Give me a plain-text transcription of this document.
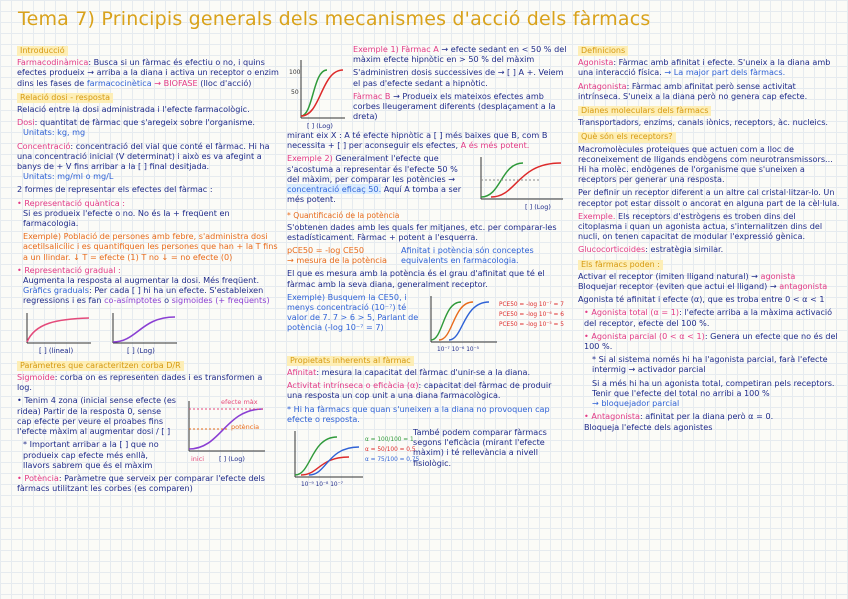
Tema 7) Principis generals dels mecanismes d'acció dels fàrmacs
Introducció

Farmacodinàmica: Busca si un fàrmac és efectiu o no, i quins efectes produeix → arriba a la diana i activa un receptor o enzim dins les fases de farmacocinètica → BIOFASE (lloc d'acció)

Relació dosi - resposta

Relació entre la dosi administrada i l'efecte farmacològic.

Dosi: quantitat de fàrmac que s'aregeix sobre l'organisme.
Unitats: kg, mg

Concentració: concentració del vial que conté el fàrmac. Hi ha una concentració inicial (V determinat) i això es va afegint a banys de + V fins arribar a la [ ] final desitjada.
Unitats: mg/ml o mg/L

2 formes de representar els efectes del fàrmac :

• Representació quàntica :

Si es produeix l'efecte o no. No és la + freqüent en farmacologia.

Exemple) Població de persones amb febre, s'administra dosi acetilsalicílic i es quantifiquen les persones que han + la T fins a un llindar. ↓ T = efecte (1) T no ↓ = no efecte (0)

• Representació gradual :

Augmenta la resposta al augmentar la dosi. Més freqüent. Gràfics graduals: Per cada [ ] hi ha un efecte. S'estableixen regressions i es fan co-asímptotes o sigmoides (+ freqüents)

[ ] (lineal)	[ ] (Log)
Paràmetres que caracteritzen corba D/R

Sigmoide: corba on es representen dades i es transformen a log.

• Tenim 4 zona (inicial sense efecte (es ridea) Partir de la resposta 0, sense cap efecte per veure el proabes fins l'efecte màxim al augmentar dosi / [ ]

* Important arribar a la [ ] que no produeix cap efecte més enllà, llavors sabrem que és el màxim

efecte màx
potència
inici [ ] (Log)

• Potència: Paràmetre que serveix per comparar l'efecte dels fàrmacs utilitzant les corbes (es comparen)

100
50
[ ] (Log)

Exemple 1) Fàrmac A → efecte sedant en < 50 % del màxim efecte hipnòtic en > 50 % del màxim

S'administren dosis successives de → [ ] A +. Veiem el pas d'efecte sedant a hipnòtic.

Fàrmac B → Produeix els mateixos efectes amb corbes lleugerament diferents (desplaçament a la dreta)

mirant eix X : A té efecte hipnòtic a [ ] més baixes que B, com B necessita + [ ] per aconseguir els efectes, A és més potent.

Exemple 2) Generalment l'efecte que s'acostuma a representar és l'efecte 50 % del màxim, per comparar les potències → concentració eficaç 50. Aquí A tomba a ser més potent.

[ ] (Log)
* Quantificació de la potència

S'obtenen dades amb les quals fer mitjanes, etc. per comparar-les estadísticament. Fàrmac + potent a l'esquerra.

pCE50 = -log CE50
→ mesura de la potència

Afinitat i potència són conceptes equivalents en farmacologia.

El que es mesura amb la potència és el grau d'afinitat que té el fàrmac amb la seva diana, generalment receptor.

Exemple) Busquem la CE50, i menys concentració (10⁻⁷) té valor de 7. 7 > 6 > 5, Parlant de potència (-log 10⁻⁷ = 7)

PCE50 = -log 10⁻⁷ = 7
PCE50 = -log 10⁻⁶ = 6
PCE50 = -log 10⁻⁵ = 5
10⁻⁷ 10⁻⁶ 10⁻⁵
Propietats inherents al fàrmac

Afinitat: mesura la capacitat del fàrmac d'unir-se a la diana.

Activitat intrínseca o eficàcia (α): capacitat del fàrmac de produir una resposta un cop unit a una diana farmacològica.

* Hi ha fàrmacs que quan s'uneixen a la diana no provoquen cap efecte o resposta.

α = 100/100 = 1
α = 50/100 = 0,5
α = 75/100 = 0,75
10⁻⁹ 10⁻⁸ 10⁻⁷

També podem comparar fàrmacs segons l'eficàcia (mirant l'efecte màxim) i té rellevància a nivell fisiològic.

Definicions

Agonista: Fàrmac amb afinitat i efecte. S'uneix a la diana amb una interacció física. → La major part dels fàrmacs.

Antagonista: Fàrmac amb afinitat però sense activitat intrínseca. S'uneix a la diana però no genera cap efecte.

Dianes moleculars dels fàrmacs

Transportadors, enzims, canals iònics, receptors, àc. nucleics.

Què són els receptors?

Macromolècules proteiques que actuen com a lloc de reconeixement de lligands endògens com neurotransmissors... Hi ha molèc. endògenes de l'organisme que s'uneixen a receptors per generar una resposta.

Per definir un receptor diferent a un altre cal cristal·litzar-lo. Un receptor pot estar dissolt o ancorat en alguna part de la cèl·lula.

Exemple. Els receptors d'estrògens es troben dins del citoplasma i quan un agonista actua, s'internalitzen dins del nucli, on tenen capacitat de modular l'expressió gènica.

Glucocorticoides: estratègia similar.

Els fàrmacs poden :

Activar el receptor (imiten lligand natural) → agonista
Bloquejar receptor (eviten que actui el lligand) → antagonista

Agonista té afinitat i efecte (α), que es troba entre 0 < α < 1

• Agonista total (α = 1): l'efecte arriba a la màxima activació del receptor, efecte del 100 %.

• Agonista parcial (0 < α < 1): Genera un efecte que no és del 100 %.

* Si al sistema només hi ha l'agonista parcial, farà l'efecte intermig → activador parcial

Si a més hi ha un agonista total, competiran pels receptors. Tenir que l'efecte del total no arribi a 100 %
→ bloquejador parcial

• Antagonista: afinitat per la diana però α = 0.
Bloqueja l'efecte dels agonistes
